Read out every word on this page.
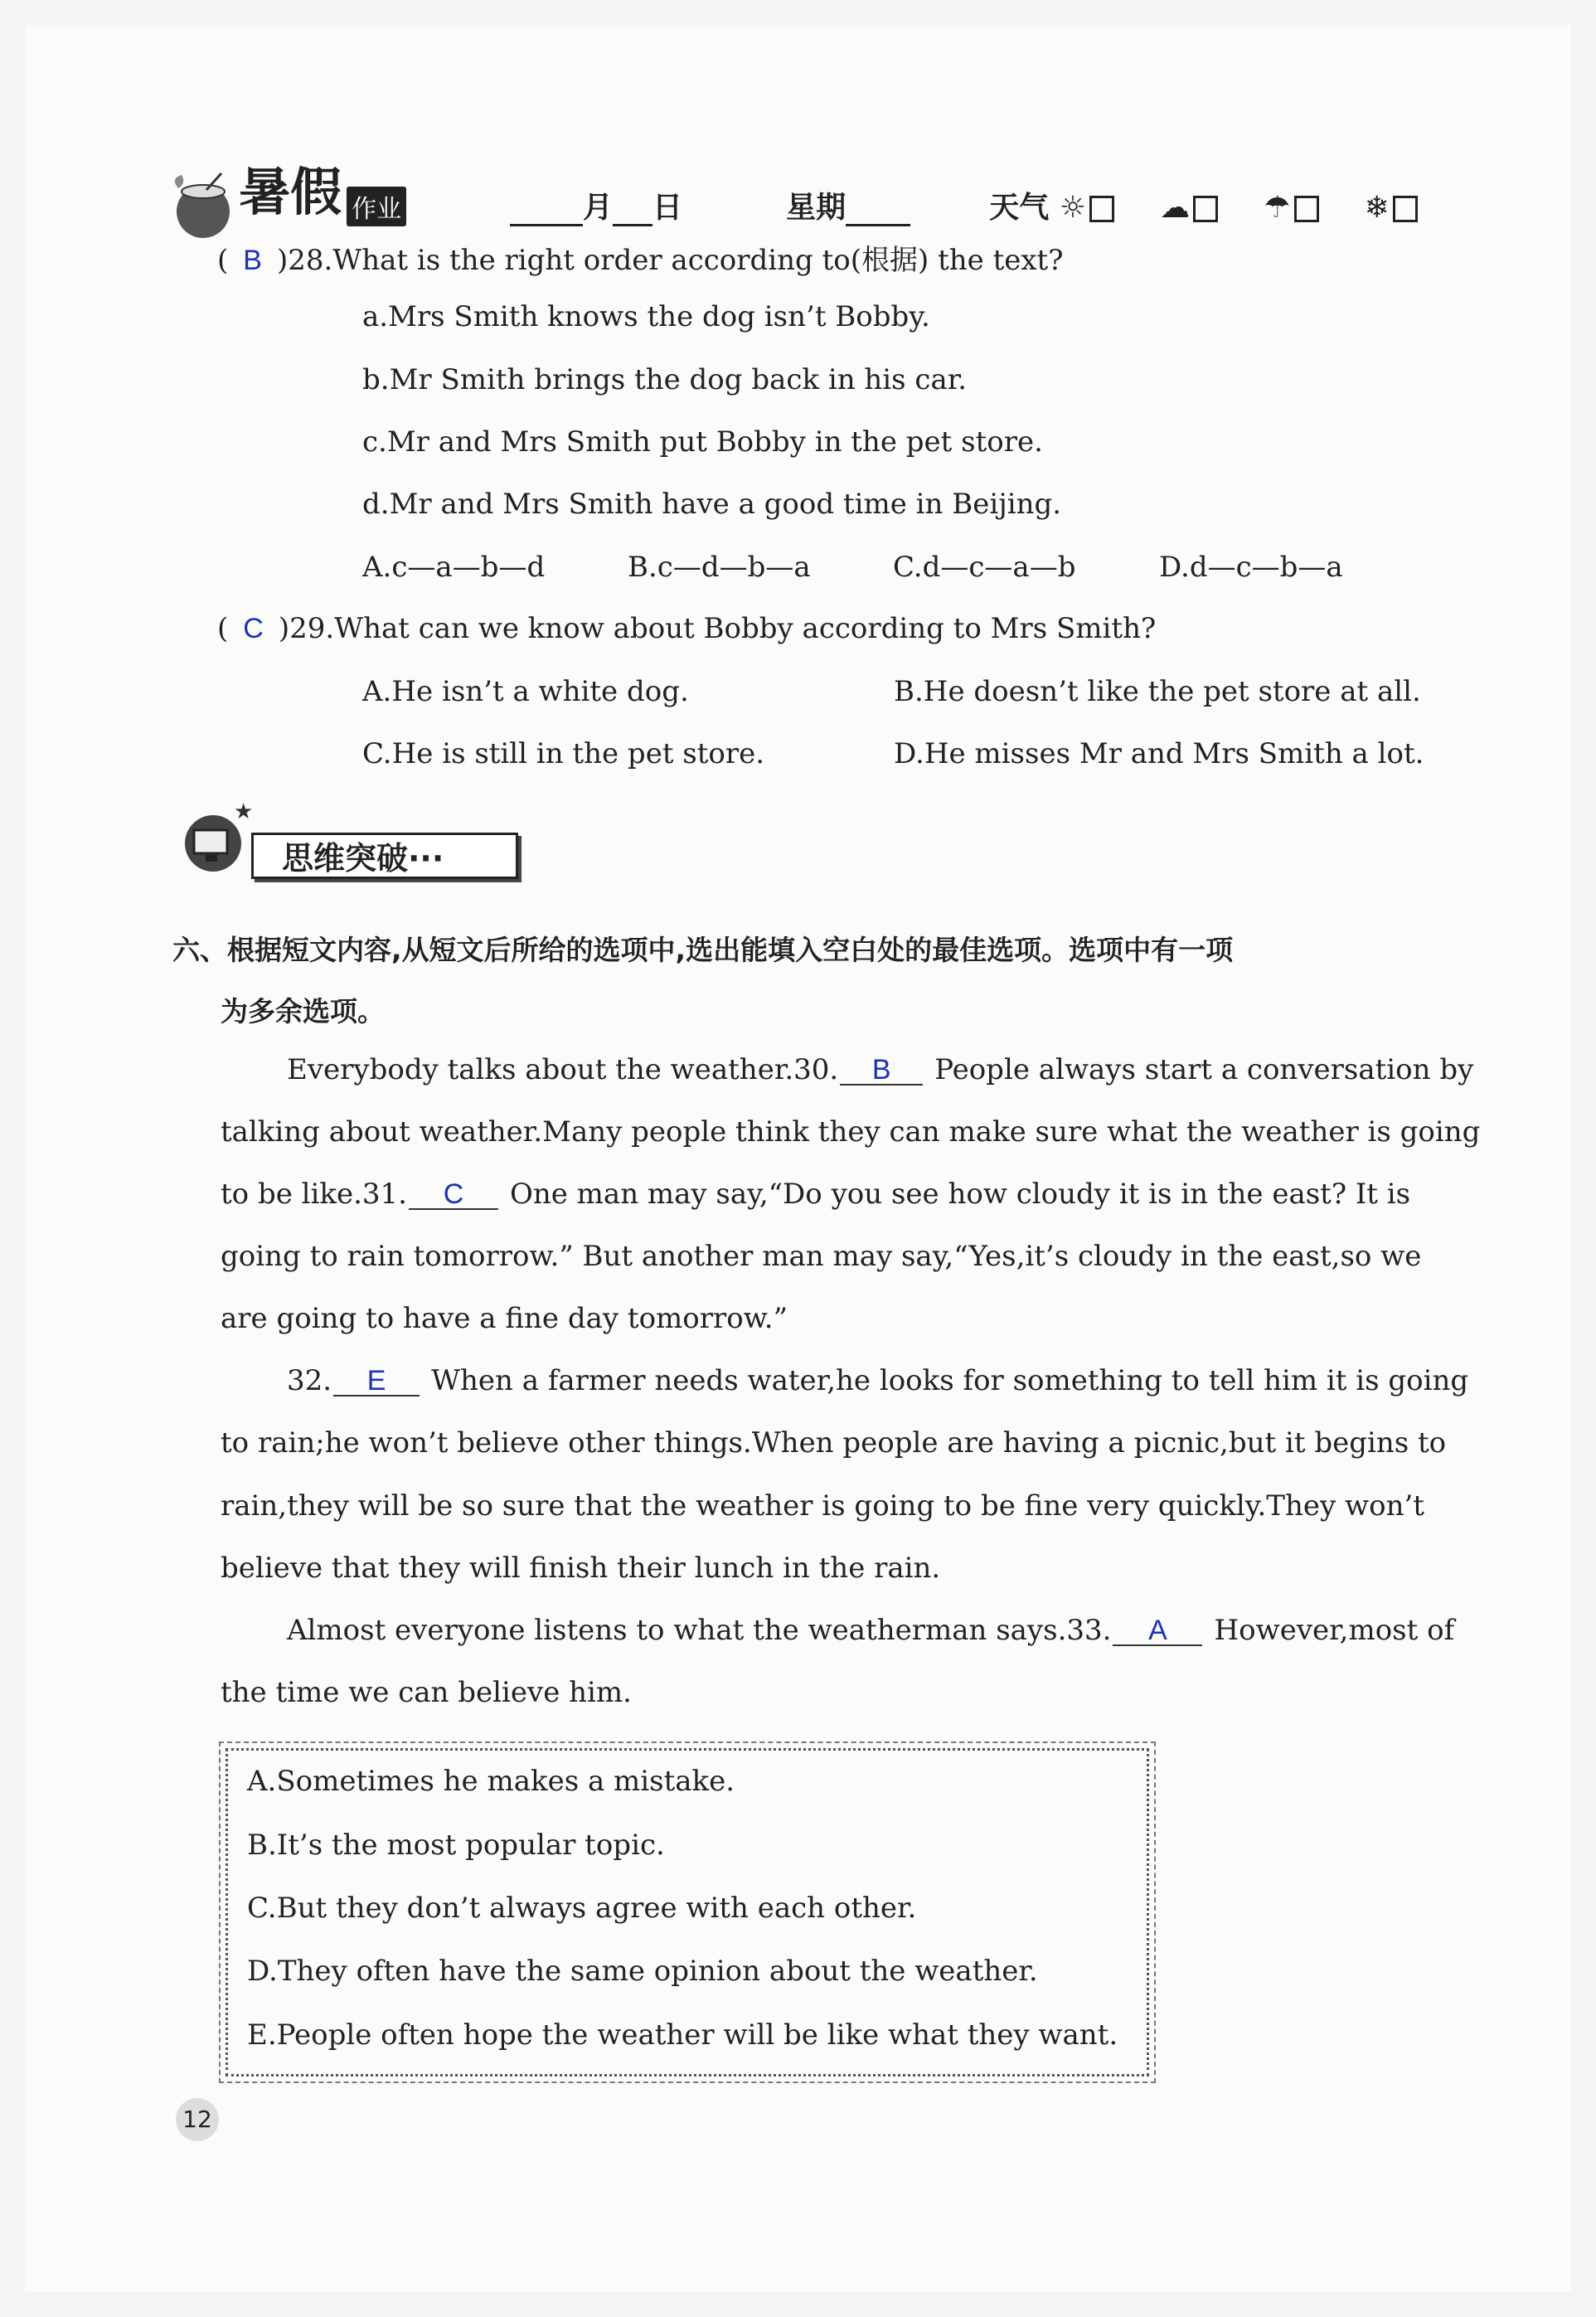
暑假 作业	月 日	星期	天气 ☼ ☁ ☂ ❄
( B )28.What is the right order according to(根据) the text?
a.Mrs Smith knows the dog isn’t Bobby.
b.Mr Smith brings the dog back in his car.
c.Mr and Mrs Smith put Bobby in the pet store.
d.Mr and Mrs Smith have a good time in Beijing.
A.c—a—b—d	B.c—d—b—a	C.d—c—a—b	D.d—c—b—a
( C )29.What can we know about Bobby according to Mrs Smith?
A.He isn’t a white dog.	B.He doesn’t like the pet store at all.
C.He is still in the pet store.	D.He misses Mr and Mrs Smith a lot.
★
思维突破···
六、根据短文内容,从短文后所给的选项中,选出能填入空白处的最佳选项。选项中有一项
为多余选项。
Everybody talks about the weather.30. B People always start a conversation by
talking about weather.Many people think they can make sure what the weather is going
to be like.31. C One man may say,“Do you see how cloudy it is in the east? It is
going to rain tomorrow.” But another man may say,“Yes,it’s cloudy in the east,so we
are going to have a fine day tomorrow.”
32. E When a farmer needs water,he looks for something to tell him it is going
to rain;he won’t believe other things.When people are having a picnic,but it begins to
rain,they will be so sure that the weather is going to be fine very quickly.They won’t
believe that they will finish their lunch in the rain.
Almost everyone listens to what the weatherman says.33. A However,most of
the time we can believe him.
A.Sometimes he makes a mistake.
B.It’s the most popular topic.
C.But they don’t always agree with each other.
D.They often have the same opinion about the weather.
E.People often hope the weather will be like what they want.
12
